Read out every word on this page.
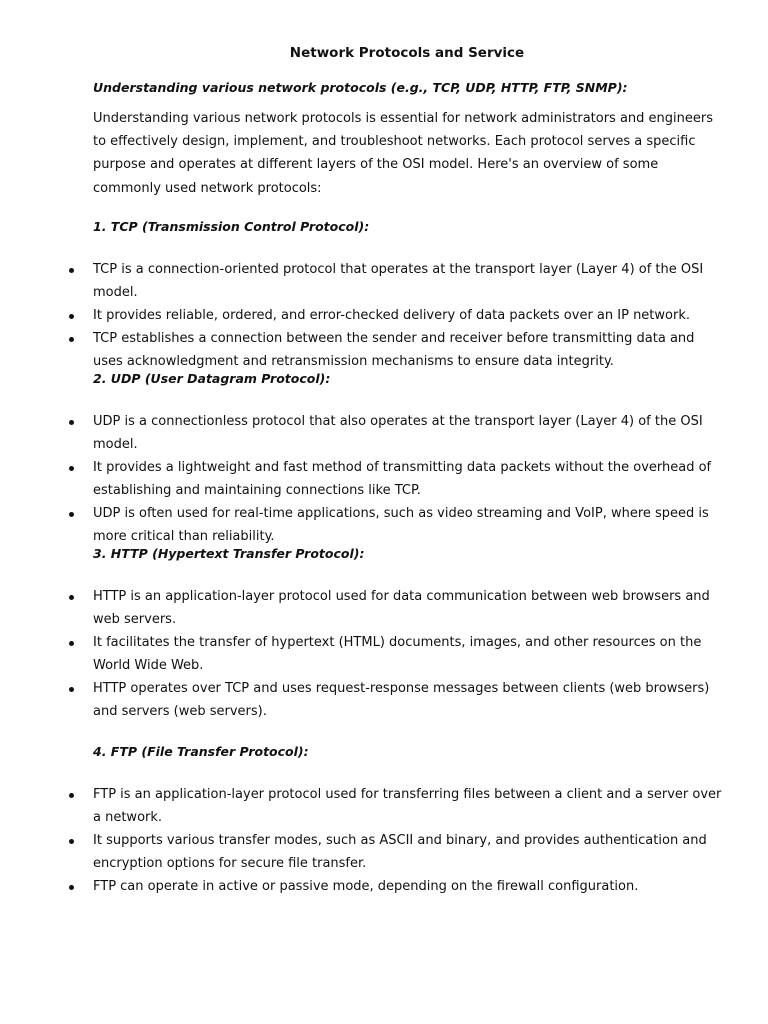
Network Protocols and Service
Understanding various network protocols (e.g., TCP, UDP, HTTP, FTP, SNMP):
Understanding various network protocols is essential for network administrators and engineers to effectively design, implement, and troubleshoot networks. Each protocol serves a specific purpose and operates at different layers of the OSI model. Here's an overview of some commonly used network protocols:
1. TCP (Transmission Control Protocol):
TCP is a connection-oriented protocol that operates at the transport layer (Layer 4) of the OSI model.
It provides reliable, ordered, and error-checked delivery of data packets over an IP network.
TCP establishes a connection between the sender and receiver before transmitting data and uses acknowledgment and retransmission mechanisms to ensure data integrity.
2. UDP (User Datagram Protocol):
UDP is a connectionless protocol that also operates at the transport layer (Layer 4) of the OSI model.
It provides a lightweight and fast method of transmitting data packets without the overhead of establishing and maintaining connections like TCP.
UDP is often used for real-time applications, such as video streaming and VoIP, where speed is more critical than reliability.
3. HTTP (Hypertext Transfer Protocol):
HTTP is an application-layer protocol used for data communication between web browsers and web servers.
It facilitates the transfer of hypertext (HTML) documents, images, and other resources on the World Wide Web.
HTTP operates over TCP and uses request-response messages between clients (web browsers) and servers (web servers).
4. FTP (File Transfer Protocol):
FTP is an application-layer protocol used for transferring files between a client and a server over a network.
It supports various transfer modes, such as ASCII and binary, and provides authentication and encryption options for secure file transfer.
FTP can operate in active or passive mode, depending on the firewall configuration.
